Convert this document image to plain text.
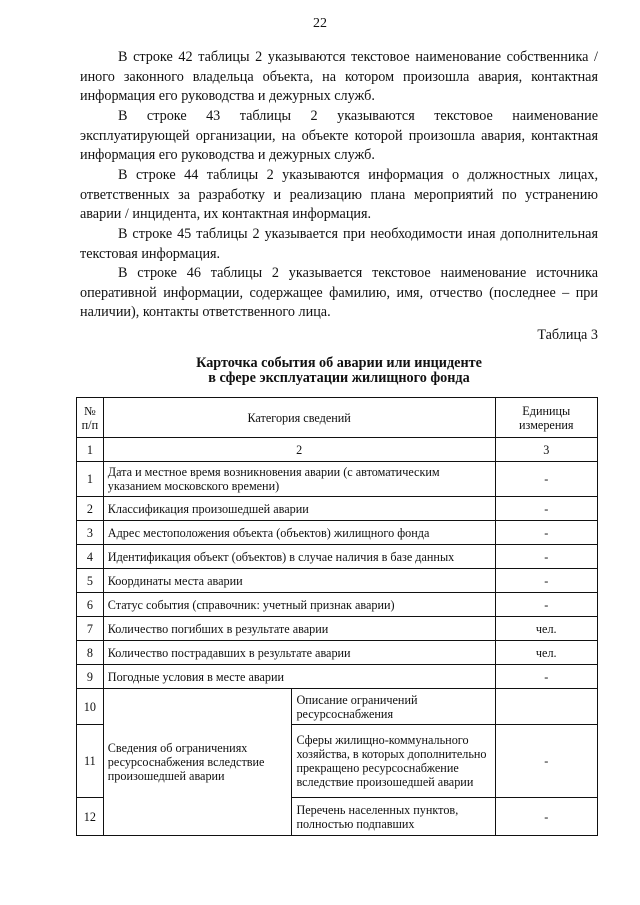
22

В строке 42 таблицы 2 указываются текстовое наименование собственника / иного законного владельца объекта, на котором произошла авария, контактная информация его руководства и дежурных служб.

В строке 43 таблицы 2 указываются текстовое наименование эксплуатирующей организации, на объекте которой произошла авария, контактная информация его руководства и дежурных служб.

В строке 44 таблицы 2 указываются информация о должностных лицах, ответственных за разработку и реализацию плана мероприятий по устранению аварии / инцидента, их контактная информация.

В строке 45 таблицы 2 указывается при необходимости иная дополнительная текстовая информация.

В строке 46 таблицы 2 указывается текстовое наименование источника оперативной информации, содержащее фамилию, имя, отчество (последнее – при наличии), контакты ответственного лица.

Таблица 3
Карточка события об аварии или инциденте
в сфере эксплуатации жилищного фонда
№ п/п	Категория сведений		Единицы измерения
1	2		3
1	Дата и местное время возникновения аварии (с автоматическим указанием московского времени)		-
2	Классификация произошедшей аварии		-
3	Адрес местоположения объекта (объектов) жилищного фонда		-
4	Идентификация объект (объектов) в случае наличия в базе данных		-
5	Координаты места аварии		-
6	Статус события (справочник: учетный признак аварии)		-
7	Количество погибших в результате аварии		чел.
8	Количество пострадавших в результате аварии		чел.
9	Погодные условия в месте аварии		-
10	Сведения об ограничениях ресурсоснабжения вследствие произошедшей аварии	Описание ограничений ресурсоснабжения	
11		Сферы жилищно-коммунального хозяйства, в которых дополнительно прекращено ресурсоснабжение вследствие произошедшей аварии	-
12		Перечень населенных пунктов, полностью подпавших	-
